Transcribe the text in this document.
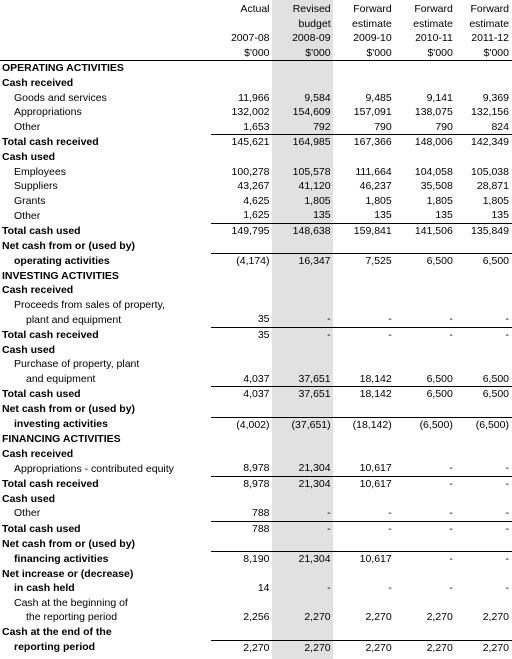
	Actual	Revised	Forward	Forward	Forward
		budget	estimate	estimate	estimate
	2007-08	2008-09	2009-10	2010-11	2011-12
	$'000	$'000	$'000	$'000	$'000
OPERATING ACTIVITIES					
Cash received					
Goods and services	11,966	9,584	9,485	9,141	9,369
Appropriations	132,002	154,609	157,091	138,075	132,156
Other	1,653	792	790	790	824
Total cash received	145,621	164,985	167,366	148,006	142,349
Cash used					
Employees	100,278	105,578	111,664	104,058	105,038
Suppliers	43,267	41,120	46,237	35,508	28,871
Grants	4,625	1,805	1,805	1,805	1,805
Other	1,625	135	135	135	135
Total cash used	149,795	148,638	159,841	141,506	135,849
Net cash from or (used by)					
operating activities	(4,174)	16,347	7,525	6,500	6,500
INVESTING ACTIVITIES					
Cash received					
Proceeds from sales of property,					
plant and equipment	35	-	-	-	-
Total cash received	35	-	-	-	-
Cash used					
Purchase of property, plant					
and equipment	4,037	37,651	18,142	6,500	6,500
Total cash used	4,037	37,651	18,142	6,500	6,500
Net cash from or (used by)					
investing activities	(4,002)	(37,651)	(18,142)	(6,500)	(6,500)
FINANCING ACTIVITIES					
Cash received					
Appropriations - contributed equity	8,978	21,304	10,617	-	-
Total cash received	8,978	21,304	10,617	-	-
Cash used					
Other	788	-	-	-	-
Total cash used	788	-	-	-	-
Net cash from or (used by)					
financing activities	8,190	21,304	10,617	-	-
Net increase or (decrease)					
in cash held	14	-	-	-	-
Cash at the beginning of					
the reporting period	2,256	2,270	2,270	2,270	2,270
Cash at the end of the					
reporting period	2,270	2,270	2,270	2,270	2,270
